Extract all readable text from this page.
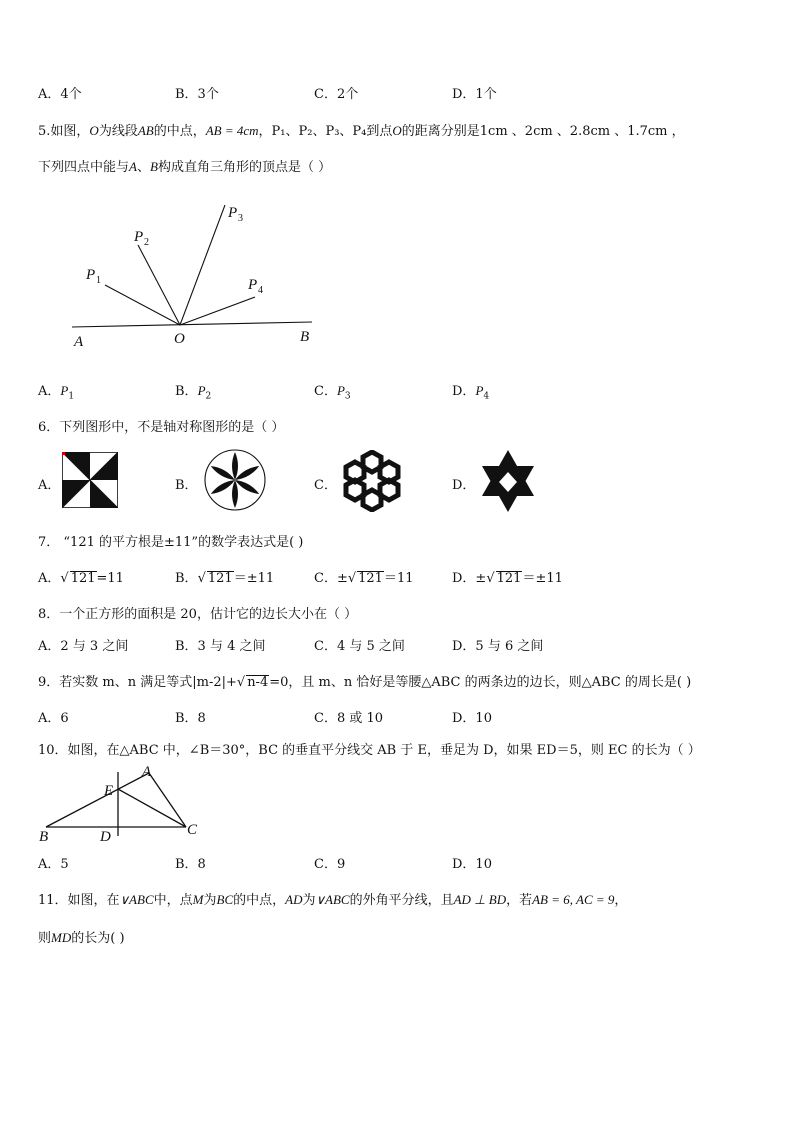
A．4个	B．3个	C．2个	D．1个
5.如图，O为线段AB的中点，AB = 4cm，P₁、P₂、P₃、P₄到点O的距离分别是1cm 、2cm 、2.8cm 、1.7cm ，
下列四点中能与A、B构成直角三角形的顶点是（ ）
P 1
P 2
P 3
P 4
A	O	B
A．$P_1$	B．$P_2$	C．$P_3$	D．$P_4$
6．下列图形中，不是轴对称图形的是（ ）
A．	B．	C．	D．
7． “121 的平方根是±11”的数学表达式是( )
A．√ 121=11	B．√ 121＝±11	C．±√ 121＝11	D．±√ 121＝±11
8．一个正方形的面积是 20，估计它的边长大小在（ ）
A．2 与 3 之间	B．3 与 4 之间	C．4 与 5 之间	D．5 与 6 之间
9．若实数 m、n 满足等式|m-2|+√ n-4=0，且 m、n 恰好是等腰△ABC 的两条边的边长，则△ABC 的周长是( )
A．6	B．8	C．8 或 10	D．10
10．如图，在△ABC 中，∠B＝30°，BC 的垂直平分线交 AB 于 E，垂足为 D，如果 ED＝5，则 EC 的长为（ ）
A
E
B	D	C
A．5	B．8	C．9	D．10
11．如图，在∨ABC中，点M为BC的中点，AD为∨ABC的外角平分线，且AD ⊥ BD，若AB = 6, AC = 9，
则MD的长为( )
